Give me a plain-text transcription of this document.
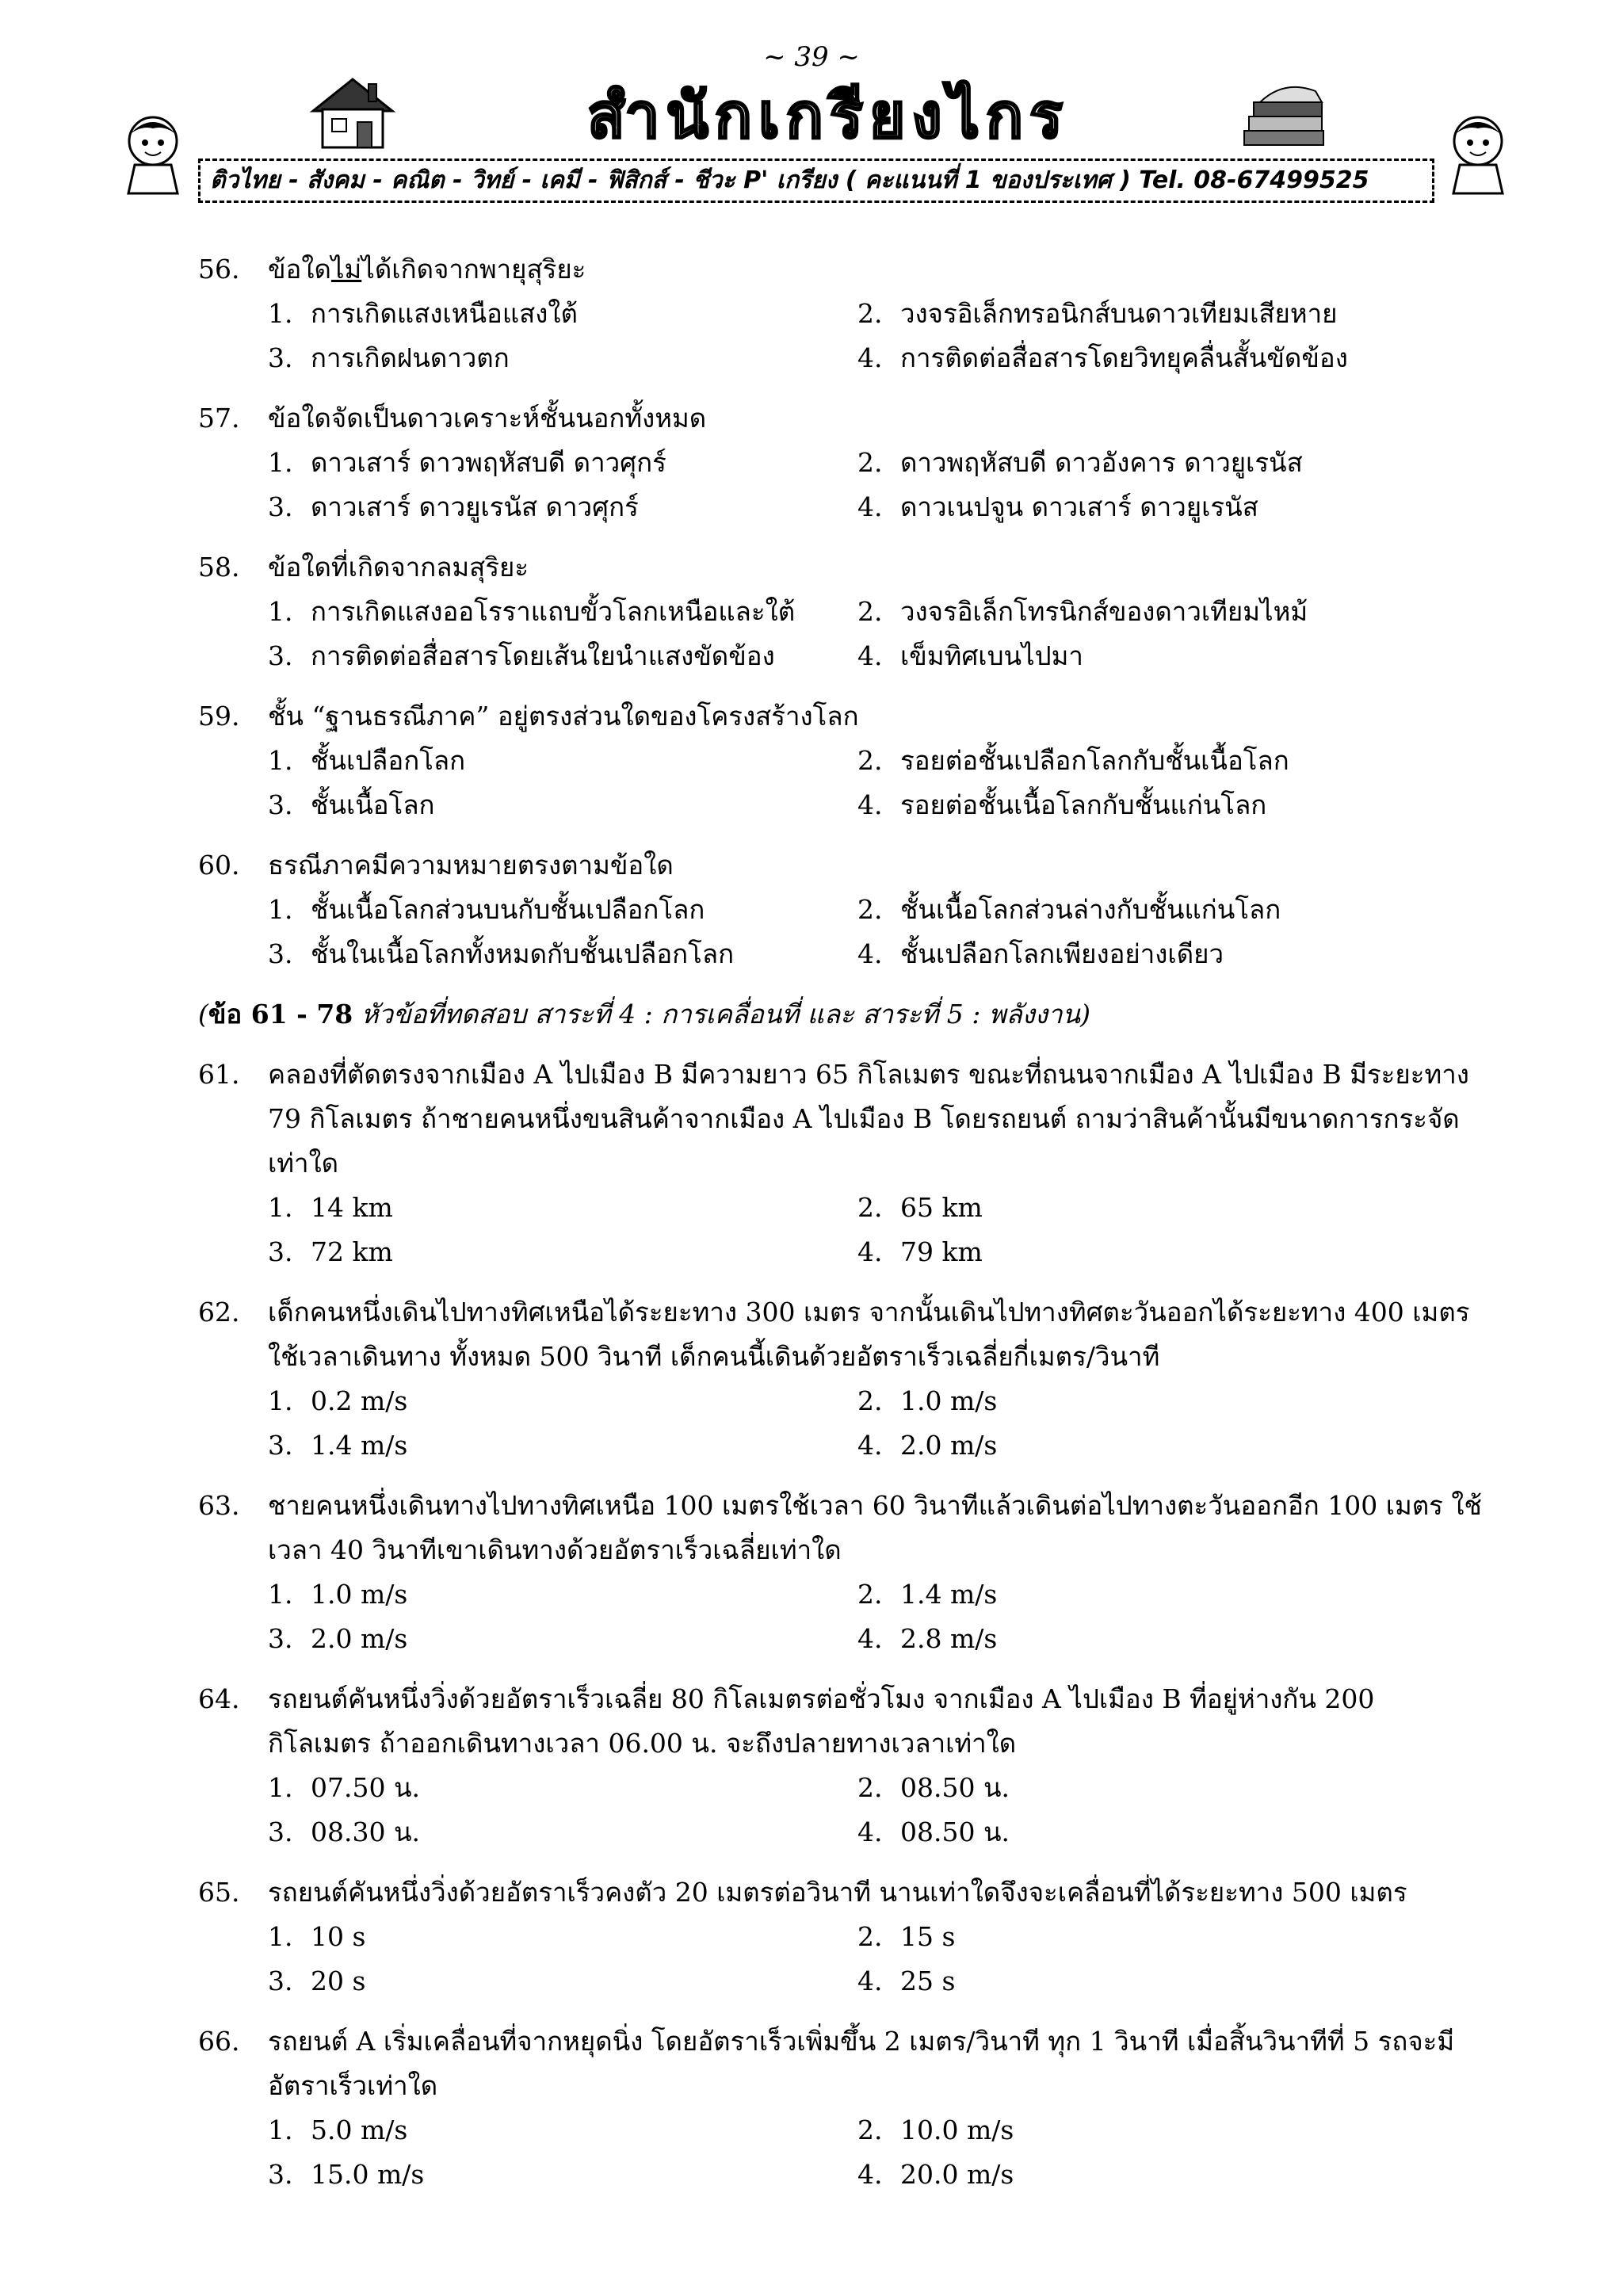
~ 39 ~
สำนักเกรียงไกร
ติวไทย - สังคม - คณิต - วิทย์ - เคมี - ฟิสิกส์ - ชีวะ P' เกรียง ( คะแนนที่ 1 ของประเทศ ) Tel. 08-67499525
56.	ข้อใดไม่ได้เกิดจากพายุสุริยะ
1. การเกิดแสงเหนือแสงใต้	2. วงจรอิเล็กทรอนิกส์บนดาวเทียมเสียหาย
3. การเกิดฝนดาวตก	4. การติดต่อสื่อสารโดยวิทยุคลื่นสั้นขัดข้อง
57.	ข้อใดจัดเป็นดาวเคราะห์ชั้นนอกทั้งหมด
1. ดาวเสาร์ ดาวพฤหัสบดี ดาวศุกร์	2. ดาวพฤหัสบดี ดาวอังคาร ดาวยูเรนัส
3. ดาวเสาร์ ดาวยูเรนัส ดาวศุกร์	4. ดาวเนปจูน ดาวเสาร์ ดาวยูเรนัส
58.	ข้อใดที่เกิดจากลมสุริยะ
1. การเกิดแสงออโรราแถบขั้วโลกเหนือและใต้ 2. วงจรอิเล็กโทรนิกส์ของดาวเทียมไหม้
3. การติดต่อสื่อสารโดยเส้นใยนำแสงขัดข้อง	4. เข็มทิศเบนไปมา
59.	ชั้น “ฐานธรณีภาค” อยู่ตรงส่วนใดของโครงสร้างโลก
1. ชั้นเปลือกโลก	2. รอยต่อชั้นเปลือกโลกกับชั้นเนื้อโลก
3. ชั้นเนื้อโลก	4. รอยต่อชั้นเนื้อโลกกับชั้นแก่นโลก
60.	ธรณีภาคมีความหมายตรงตามข้อใด
1. ชั้นเนื้อโลกส่วนบนกับชั้นเปลือกโลก	2. ชั้นเนื้อโลกส่วนล่างกับชั้นแก่นโลก
3. ชั้นในเนื้อโลกทั้งหมดกับชั้นเปลือกโลก	4. ชั้นเปลือกโลกเพียงอย่างเดียว
(ข้อ 61 - 78 หัวข้อที่ทดสอบ สาระที่ 4 : การเคลื่อนที่ และ สาระที่ 5 : พลังงาน)
61.	คลองที่ตัดตรงจากเมือง A ไปเมือง B มีความยาว 65 กิโลเมตร ขณะที่ถนนจากเมือง A ไปเมือง B มีระยะทาง 79 กิโลเมตร ถ้าชายคนหนึ่งขนสินค้าจากเมือง A ไปเมือง B โดยรถยนต์ ถามว่าสินค้านั้นมีขนาดการกระจัดเท่าใด
1. 14 km	2. 65 km
3. 72 km	4. 79 km
62.	เด็กคนหนึ่งเดินไปทางทิศเหนือได้ระยะทาง 300 เมตร จากนั้นเดินไปทางทิศตะวันออกได้ระยะทาง 400 เมตร ใช้เวลาเดินทาง ทั้งหมด 500 วินาที เด็กคนนี้เดินด้วยอัตราเร็วเฉลี่ยกี่เมตร/วินาที
1. 0.2 m/s	2. 1.0 m/s
3. 1.4 m/s	4. 2.0 m/s
63.	ชายคนหนึ่งเดินทางไปทางทิศเหนือ 100 เมตรใช้เวลา 60 วินาทีแล้วเดินต่อไปทางตะวันออกอีก 100 เมตร ใช้เวลา 40 วินาทีเขาเดินทางด้วยอัตราเร็วเฉลี่ยเท่าใด
1. 1.0 m/s	2. 1.4 m/s
3. 2.0 m/s	4. 2.8 m/s
64.	รถยนต์คันหนึ่งวิ่งด้วยอัตราเร็วเฉลี่ย 80 กิโลเมตรต่อชั่วโมง จากเมือง A ไปเมือง B ที่อยู่ห่างกัน 200 กิโลเมตร ถ้าออกเดินทางเวลา 06.00 น. จะถึงปลายทางเวลาเท่าใด
1. 07.50 น.	2. 08.50 น.
3. 08.30 น.	4. 08.50 น.
65.	รถยนต์คันหนึ่งวิ่งด้วยอัตราเร็วคงตัว 20 เมตรต่อวินาที นานเท่าใดจึงจะเคลื่อนที่ได้ระยะทาง 500 เมตร
1. 10 s	2. 15 s
3. 20 s	4. 25 s
66.	รถยนต์ A เริ่มเคลื่อนที่จากหยุดนิ่ง โดยอัตราเร็วเพิ่มขึ้น 2 เมตร/วินาที ทุก 1 วินาที เมื่อสิ้นวินาทีที่ 5 รถจะมีอัตราเร็วเท่าใด
1. 5.0 m/s	2. 10.0 m/s
3. 15.0 m/s	4. 20.0 m/s
